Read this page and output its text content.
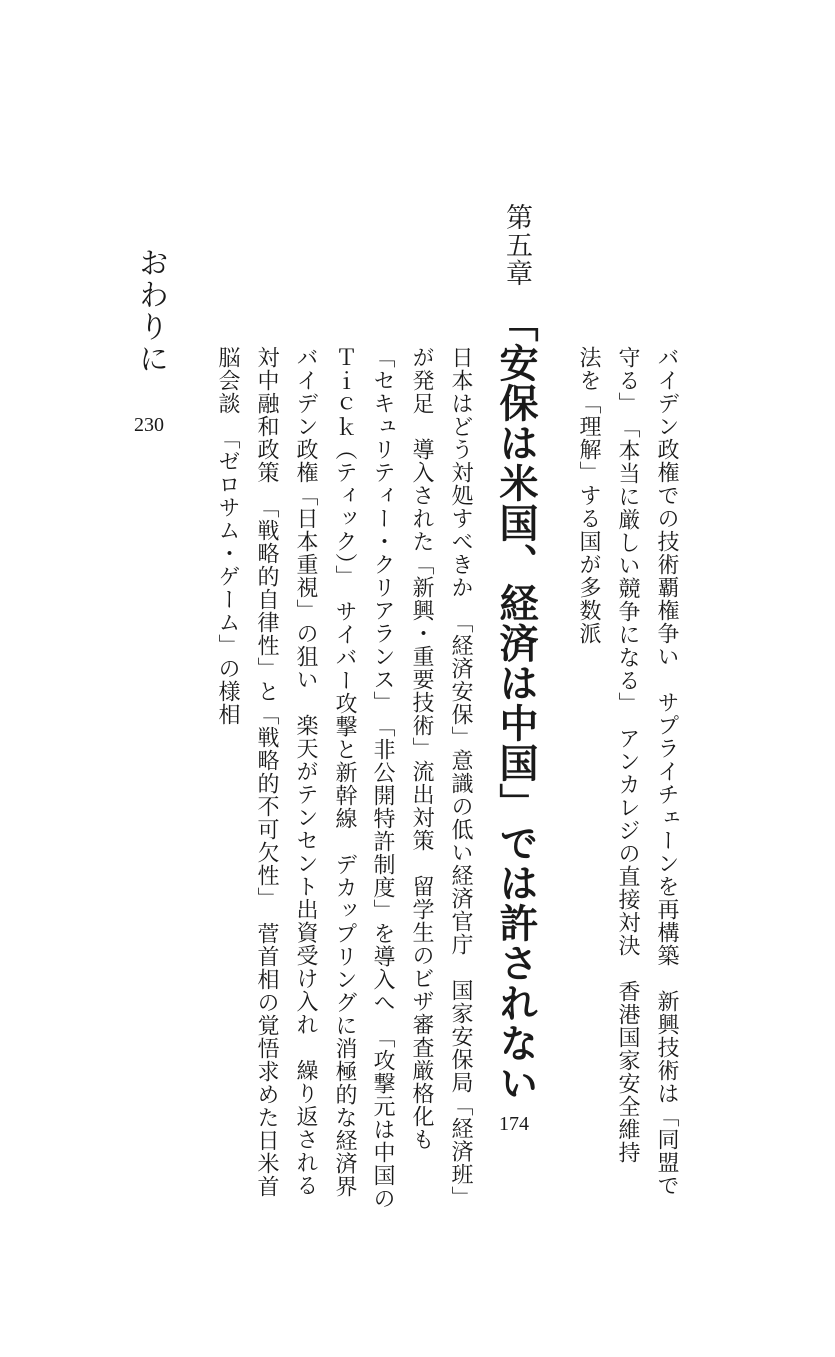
バイデン政権での技術覇権争い　サプライチェーンを再構築　新興技術は「同盟で

守る」　「本当に厳しい競争になる」　アンカレジの直接対決　香港国家安全維持

法を「理解」する国が多数派

第五章

「安保は米国、経済は中国」では許されない

174

日本はどう対処すべきか　「経済安保」意識の低い経済官庁　国家安保局「経済班」

が発足　導入された「新興・重要技術」流出対策　留学生のビザ審査厳格化も

「セキュリティー・クリアランス」　「非公開特許制度」を導入へ　「攻撃元は中国の

Ｔｉｃｋ（ティック）」　サイバー攻撃と新幹線　デカップリングに消極的な経済界

バイデン政権「日本重視」の狙い　楽天がテンセント出資受け入れ　繰り返される

対中融和政策　「戦略的自律性」と「戦略的不可欠性」　菅首相の覚悟求めた日米首

脳会談　「ゼロサム・ゲーム」の様相

おわりに

230
